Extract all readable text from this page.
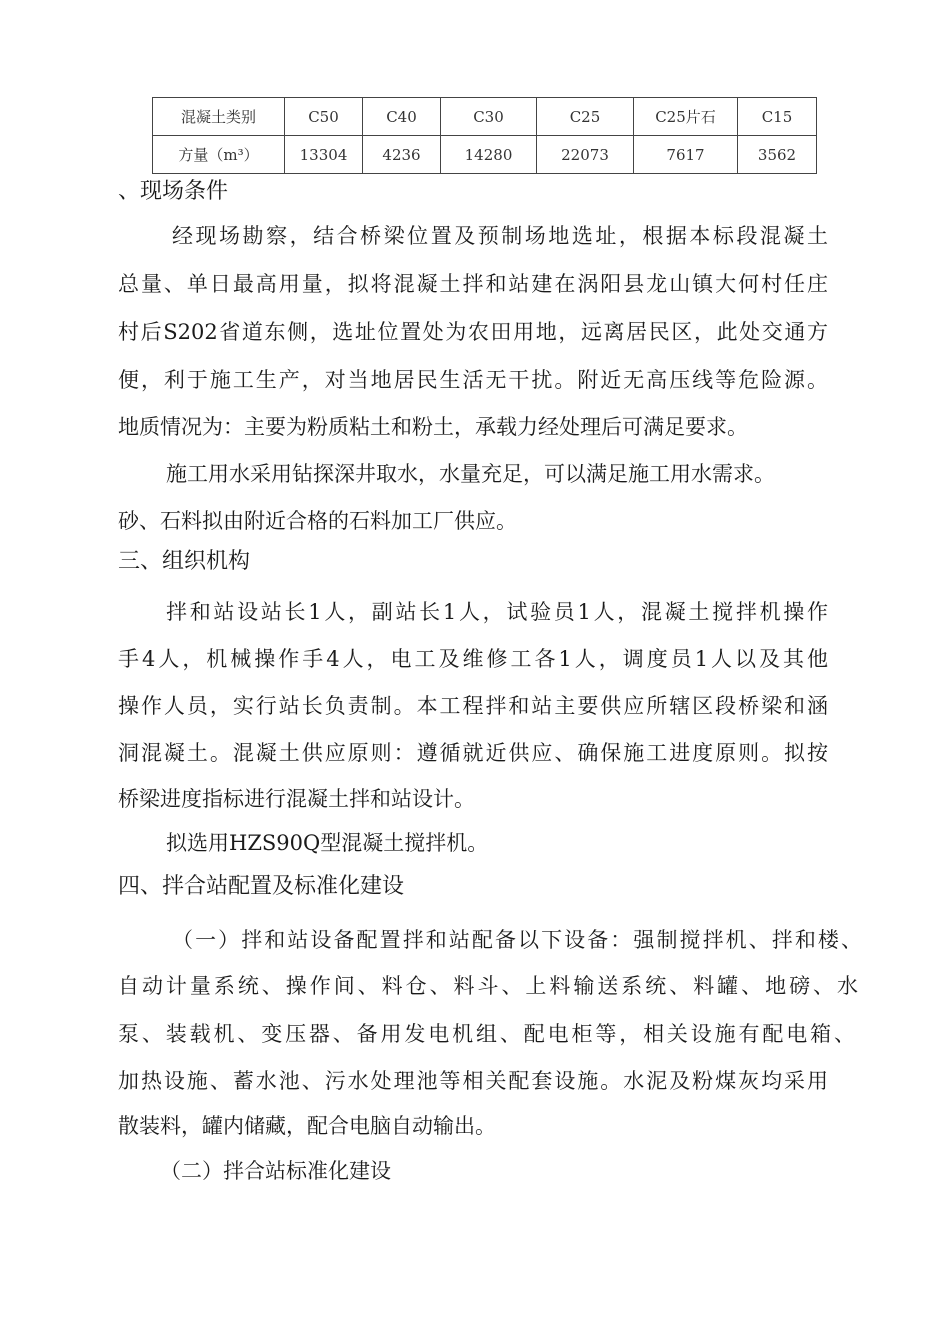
混凝土类别	C50	C40	C30	C25	C25片石	C15
方量（m³）	13304	4236	14280	22073	7617	3562
、现场条件
经现场勘察，结合桥梁位置及预制场地选址，根据本标段混凝土
总量、单日最高用量，拟将混凝土拌和站建在涡阳县龙山镇大何村任庄
村后S202省道东侧，选址位置处为农田用地，远离居民区，此处交通方
便，利于施工生产，对当地居民生活无干扰。附近无高压线等危险源。
地质情况为：主要为粉质粘土和粉土，承载力经处理后可满足要求。
施工用水采用钻探深井取水，水量充足，可以满足施工用水需求。
砂、石料拟由附近合格的石料加工厂供应。
三、组织机构
拌和站设站长1人，副站长1人，试验员1人，混凝土搅拌机操作
手4人，机械操作手4人，电工及维修工各1人，调度员1人以及其他
操作人员，实行站长负责制。本工程拌和站主要供应所辖区段桥梁和涵
洞混凝土。混凝土供应原则：遵循就近供应、确保施工进度原则。拟按
桥梁进度指标进行混凝土拌和站设计。
拟选用HZS90Q型混凝土搅拌机。
四、拌合站配置及标准化建设
（一）拌和站设备配置拌和站配备以下设备：强制搅拌机、拌和楼、
自动计量系统、操作间、料仓、料斗、上料输送系统、料罐、地磅、水
泵、装载机、变压器、备用发电机组、配电柜等，相关设施有配电箱、
加热设施、蓄水池、污水处理池等相关配套设施。水泥及粉煤灰均采用
散装料，罐内储藏，配合电脑自动输出。
（二）拌合站标准化建设
